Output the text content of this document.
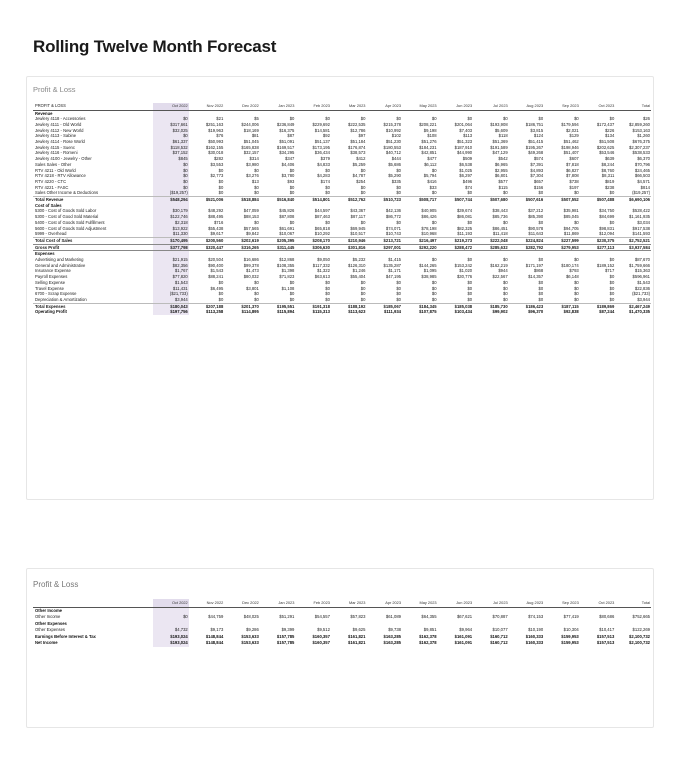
Rolling Twelve Month Forecast
Profit & Loss
PROFIT & LOSS	Oct 2022	Nov 2022	Dec 2022	Jan 2023	Feb 2023	Mar 2023	Apr 2023	May 2023	Jun 2023	Jul 2023	Aug 2023	Sep 2023	Oct 2023	Total
Revenue														
Jewlery 4118 - Accessories	$0	$21	$5	$0	$0	$0	$0	$0	$0	$0	$0	$0	$0	$26
Jewlery 4111 - Old World	$317,661	$251,163	$244,006	$236,849	$229,692	$222,535	$215,378	$208,221	$201,064	$193,908	$186,751	$179,594	$172,437	$2,859,260
Jewlery 4112 - New World	$32,025	$19,963	$18,169	$16,375	$14,581	$12,786	$10,992	$9,198	$7,403	$5,609	$3,815	$2,021	$226	$153,163
Jewlery 4113 - Sabine	$0	$76	$81	$87	$92	$97	$102	$108	$113	$118	$124	$129	$134	$1,260
Jewlery 4114 - Rose World	$61,337	$50,993	$51,045	$51,091	$51,137	$51,184	$51,230	$51,276	$51,323	$51,369	$51,415	$51,462	$51,508	$676,375
Jewlery 4115 - Suenc	$118,532	$162,155	$165,838	$169,517	$173,195	$176,874	$180,553	$184,231	$187,910	$191,589	$195,267	$198,946	$202,625	$2,307,237
Jewlery 4116 - Romeni	$37,152	$30,018	$32,157	$34,295	$36,434	$38,573	$40,712	$42,851	$44,990	$47,129	$49,268	$51,407	$53,546	$538,533
Jewlery 4100 - Jewelry - Other	$845	$282	$314	$347	$379	$412	$444	$477	$509	$542	$574	$607	$639	$6,370
Sales Sales - Other	$0	$3,553	$3,980	$4,406	$4,833	$5,259	$5,686	$6,112	$6,538	$6,965	$7,391	$7,818	$8,244	$70,796
RTV 4211 - Old World	$0	$0	$0	$0	$0	$0	$0	$0	$1,025	$2,955	$4,893	$6,827	$8,760	$24,465
RTV 4218 - RTV Allowance	$0	$2,773	$3,276	$3,780	$4,283	$4,787	$5,290	$5,794	$6,297	$6,801	$7,304	$7,808	$8,311	$66,503
RTV 4220 - CTC	$0	$0	$13	$93	$174	$254	$335	$416	$496	$577	$657	$738	$819	$4,571
RTV 4221 - FASC	$0	$0	$0	$0	$0	$0	$0	$33	$74	$115	$156	$197	$238	$814
Sales Other Income & Deductions	($19,257)	$0	$0	$0	$0	$0	$0	$0	$0	$0	$0	$0	$0	($19,257)
Total Revenue	$548,294	$521,006	$518,884	$516,840	$514,801	$512,762	$510,723	$508,717	$507,744	$507,680	$507,616	$507,552	$507,488	$6,690,106
Cost of Sales														
5300 - Cost of Goods Sold Labor	$30,179	$48,292	$47,059	$45,826	$44,597	$43,367	$42,136	$40,905	$39,674	$38,443	$37,212	$35,981	$34,750	$528,422
5300 - Cost of Good Sold Material	$122,746	$88,495	$88,153	$87,808	$87,463	$87,117	$86,772	$86,426	$86,081	$85,736	$85,390	$85,045	$84,699	$1,161,935
5400 - Cost of Goods Sold Fulfillment	$2,318	$716	$0	$0	$0	$0	$0	$0	$0	$0	$0	$0	$0	$3,034
5600 - Cost of Goods Sold Adjustment	$13,922	$55,438	$57,565	$61,691	$65,818	$69,945	$74,071	$78,198	$82,325	$86,451	$90,578	$94,705	$98,831	$917,538
5999 - Overhead	$11,330	$9,617	$9,842	$10,067	$10,292	$10,517	$10,743	$10,968	$11,193	$11,418	$11,643	$11,869	$12,094	$141,593
Total Cost of Sales	$170,495	$200,560	$202,619	$205,395	$208,170	$210,946	$213,721	$216,497	$219,273	$222,048	$224,824	$227,599	$230,375	$2,752,521
Gross Profit	$377,798	$320,447	$316,265	$311,445	$306,630	$301,816	$297,001	$292,220	$288,472	$285,632	$282,792	$279,953	$277,113	$3,937,584
Expenses														
Advertising and Marketing	$21,915	$20,504	$16,686	$12,868	$9,050	$5,232	$1,415	$0	$0	$0	$0	$0	$0	$87,670
General and Administrative	$82,356	$90,400	$99,378	$108,355	$117,332	$126,310	$135,287	$144,265	$153,242	$162,219	$171,197	$180,174	$189,152	$1,759,666
Insurance Expense	$1,767	$1,543	$1,473	$1,398	$1,322	$1,246	$1,171	$1,095	$1,020	$944	$868	$793	$717	$15,363
Payroll Expenses	$77,820	$88,241	$80,032	$71,823	$63,613	$55,404	$47,195	$38,985	$30,776	$22,567	$14,357	$6,148	$0	$596,961
Selling Expense	$1,543	$0	$0	$0	$0	$0	$0	$0	$0	$0	$0	$0	$0	$1,543
Travel Expense	$11,431	$6,495	$3,801	$1,108	$0	$0	$0	$0	$0	$0	$0	$0	$0	$22,836
6700 - Scrap Expense	($21,733)	$0	$0	$0	$0	$0	$0	$0	$0	$0	$0	$0	$0	($21,733)
Depreciation & Amortization	$3,944	$0	$0	$0	$0	$0	$0	$0	$0	$0	$0	$0	$0	$3,944
Total Expenses	$180,043	$207,188	$201,370	$195,551	$191,318	$188,192	$185,067	$184,345	$185,038	$185,730	$186,423	$187,115	$189,869	$2,467,249
Operating Profit	$197,756	$113,258	$114,895	$115,894	$115,313	$113,623	$111,934	$107,875	$103,434	$99,902	$96,370	$92,838	$87,244	$1,470,335
Profit & Loss
	Oct 2022	Nov 2022	Dec 2022	Jan 2023	Feb 2023	Mar 2023	Apr 2023	May 2023	Jun 2023	Jul 2023	Aug 2023	Sep 2023	Oct 2023	Total
Other Income														
Other Income	$0	$44,759	$48,025	$51,291	$54,557	$57,823	$61,089	$64,355	$67,621	$70,887	$74,153	$77,419	$80,686	$752,665
Other Expenses														
Other Expenses	$4,732	$9,173	$9,286	$9,399	$9,512	$9,625	$9,738	$9,851	$9,964	$10,077	$10,190	$10,304	$10,417	$122,269
Earnings Before Interest & Tax	$193,024	$148,844	$153,633	$157,785	$160,357	$161,821	$163,285	$162,378	$161,091	$160,712	$160,333	$159,953	$157,513	$2,100,732
Net Income	$193,024	$148,844	$153,633	$157,785	$160,357	$161,821	$163,285	$162,378	$161,091	$160,712	$160,333	$159,953	$157,513	$2,100,732
